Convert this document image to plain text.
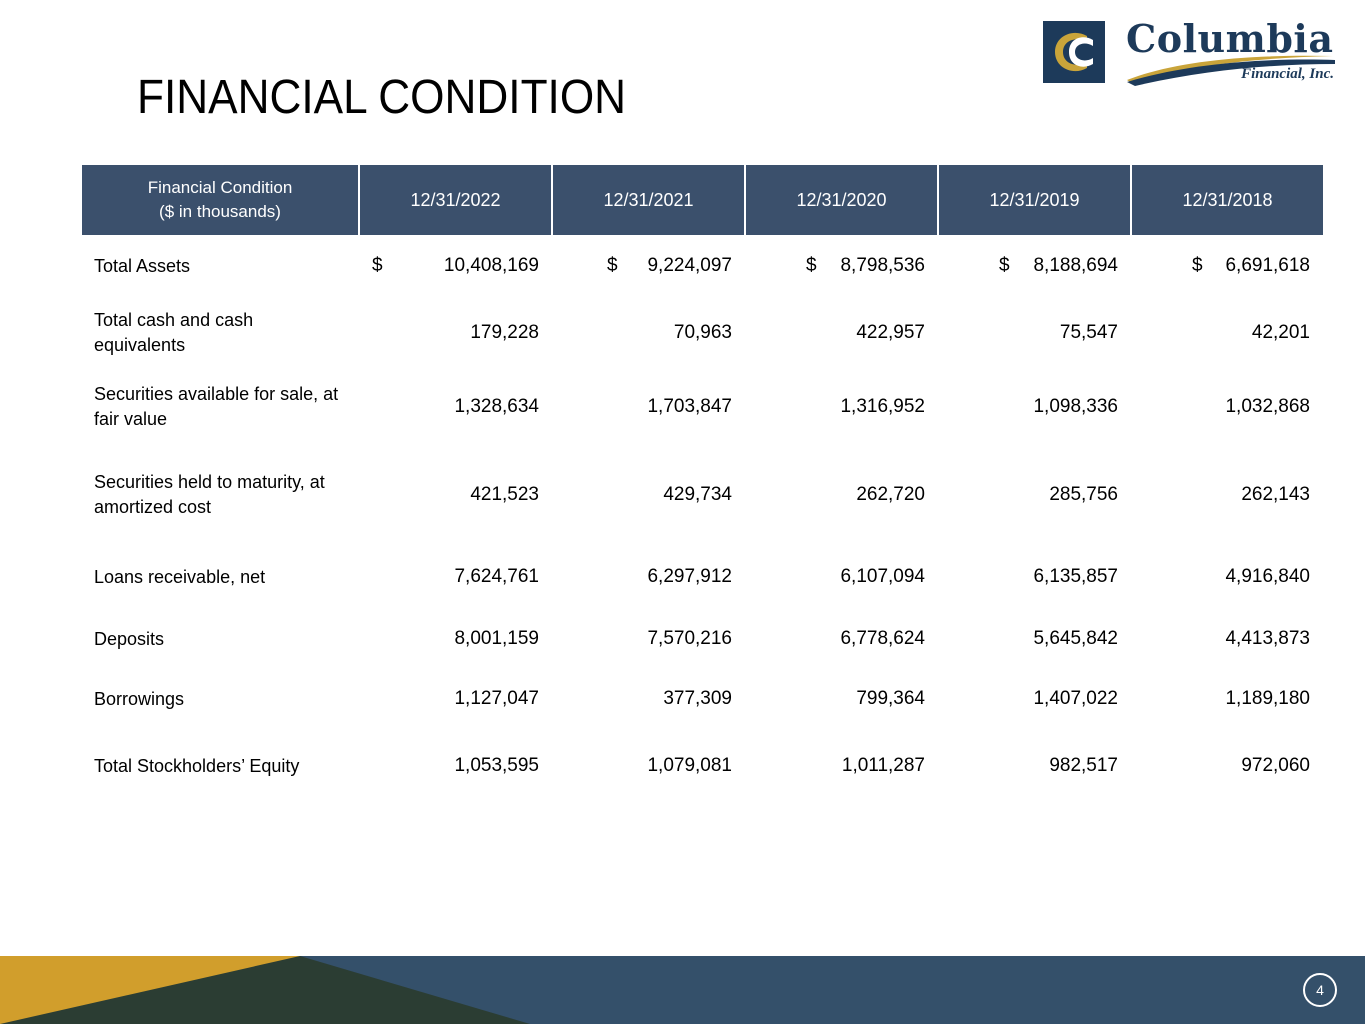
FINANCIAL CONDITION
Columbia
Financial, Inc.
Financial Condition
($ in thousands)	12/31/2022	12/31/2021	12/31/2020	12/31/2019	12/31/2018
Total Assets	$ 10,408,169	$ 9,224,097	$ 8,798,536	$ 8,188,694	$ 6,691,618
Total cash and cash equivalents	179,228	70,963	422,957	75,547	42,201
Securities available for sale, at fair value	1,328,634	1,703,847	1,316,952	1,098,336	1,032,868
Securities held to maturity, at amortized cost	421,523	429,734	262,720	285,756	262,143
Loans receivable, net	7,624,761	6,297,912	6,107,094	6,135,857	4,916,840
Deposits	8,001,159	7,570,216	6,778,624	5,645,842	4,413,873
Borrowings	1,127,047	377,309	799,364	1,407,022	1,189,180
Total Stockholders’ Equity	1,053,595	1,079,081	1,011,287	982,517	972,060
4
